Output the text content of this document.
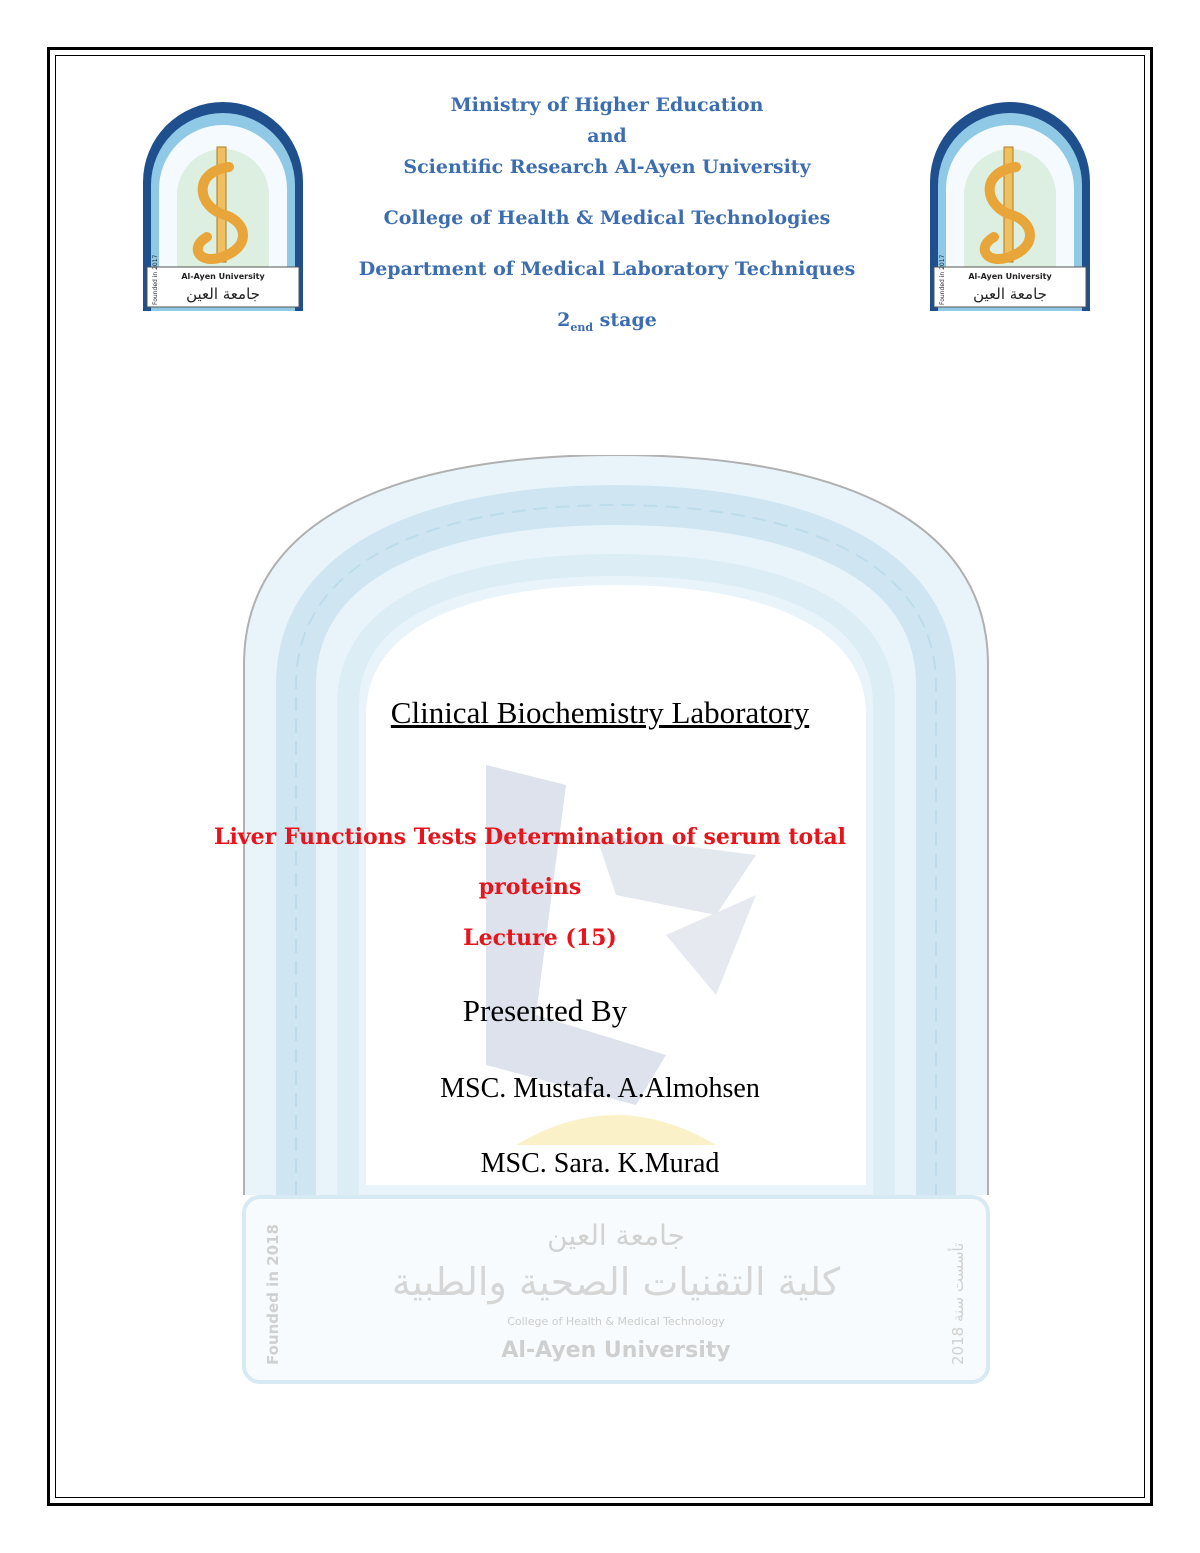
Al-Ayen University
جامعة العين
Founded in 2017	Al-Ayen University
جامعة العين
Founded in 2017
Ministry of Higher Education
and
Scientific Research Al-Ayen University
College of Health & Medical Technologies
Department of Medical Laboratory Techniques
$2_{end}$ stage
جامعة العين
كلية التقنيات الصحية والطبية
College of Health & Medical Technology
Al-Ayen University
Founded in 2018	تأسست سنة 2018
Clinical Biochemistry Laboratory
Liver Functions Tests Determination of serum total
proteins
Lecture (15)
Presented By
MSC. Mustafa. A.Almohsen
MSC. Sara. K.Murad
